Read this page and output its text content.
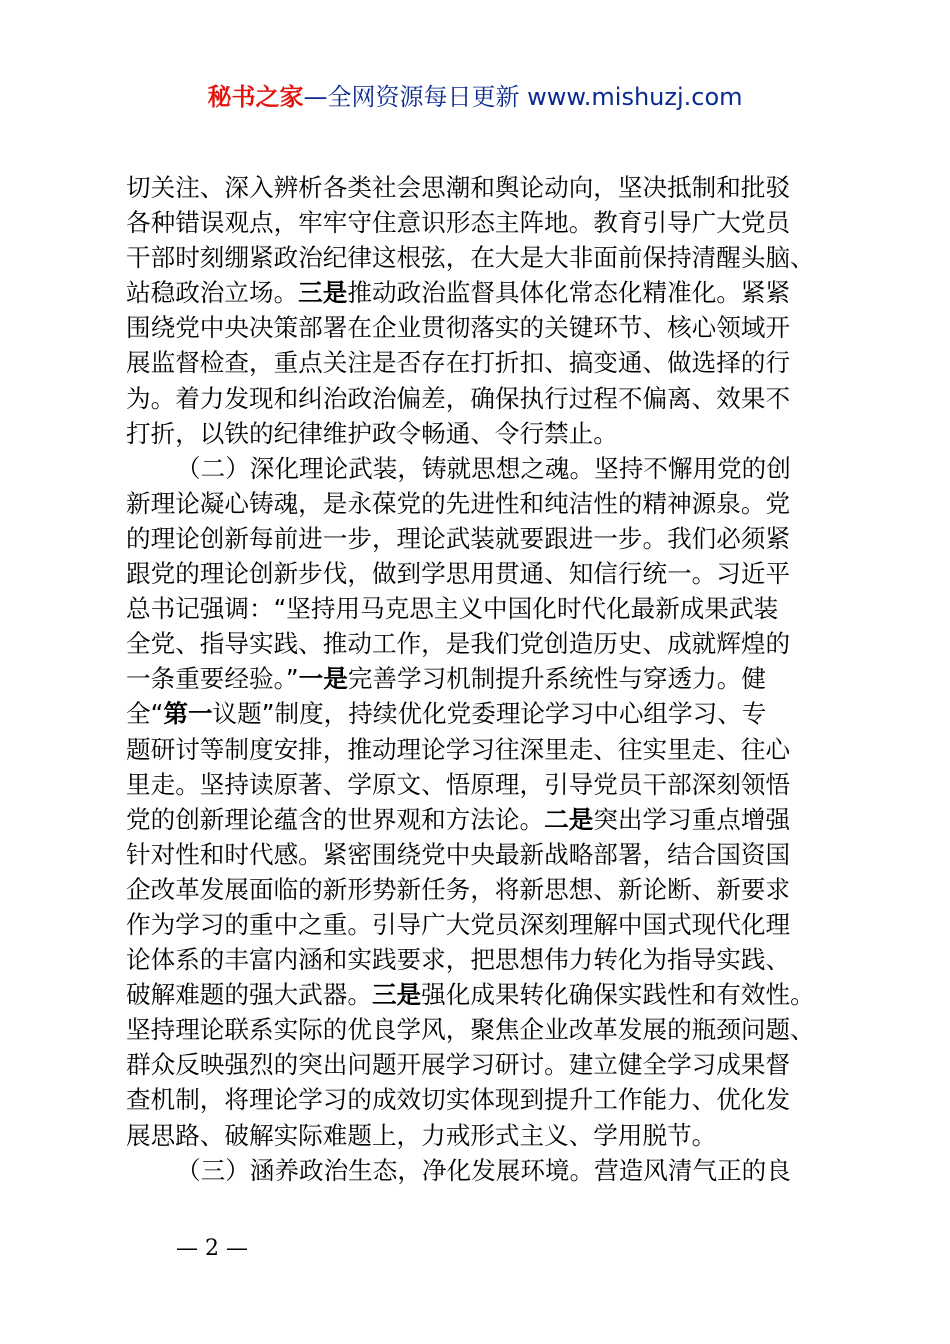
秘书之家—全网资源每日更新 www.mishuzj.com
切关注、深入辨析各类社会思潮和舆论动向，坚决抵制和批驳
各种错误观点，牢牢守住意识形态主阵地。教育引导广大党员
干部时刻绷紧政治纪律这根弦，在大是大非面前保持清醒头脑、
站稳政治立场。三是推动政治监督具体化常态化精准化。紧紧
围绕党中央决策部署在企业贯彻落实的关键环节、核心领域开
展监督检查，重点关注是否存在打折扣、搞变通、做选择的行
为。着力发现和纠治政治偏差，确保执行过程不偏离、效果不
打折，以铁的纪律维护政令畅通、令行禁止。
（二）深化理论武装，铸就思想之魂。坚持不懈用党的创
新理论凝心铸魂，是永葆党的先进性和纯洁性的精神源泉。党
的理论创新每前进一步，理论武装就要跟进一步。我们必须紧
跟党的理论创新步伐，做到学思用贯通、知信行统一。习近平
总书记强调：“坚持用马克思主义中国化时代化最新成果武装
全党、指导实践、推动工作，是我们党创造历史、成就辉煌的
一条重要经验。”一是完善学习机制提升系统性与穿透力。健
全“第一议题”制度，持续优化党委理论学习中心组学习、专
题研讨等制度安排，推动理论学习往深里走、往实里走、往心
里走。坚持读原著、学原文、悟原理，引导党员干部深刻领悟
党的创新理论蕴含的世界观和方法论。二是突出学习重点增强
针对性和时代感。紧密围绕党中央最新战略部署，结合国资国
企改革发展面临的新形势新任务，将新思想、新论断、新要求
作为学习的重中之重。引导广大党员深刻理解中国式现代化理
论体系的丰富内涵和实践要求，把思想伟力转化为指导实践、
破解难题的强大武器。三是强化成果转化确保实践性和有效性。
坚持理论联系实际的优良学风，聚焦企业改革发展的瓶颈问题、
群众反映强烈的突出问题开展学习研讨。建立健全学习成果督
查机制，将理论学习的成效切实体现到提升工作能力、优化发
展思路、破解实际难题上，力戒形式主义、学用脱节。
（三）涵养政治生态，净化发展环境。营造风清气正的良
— 2 —
